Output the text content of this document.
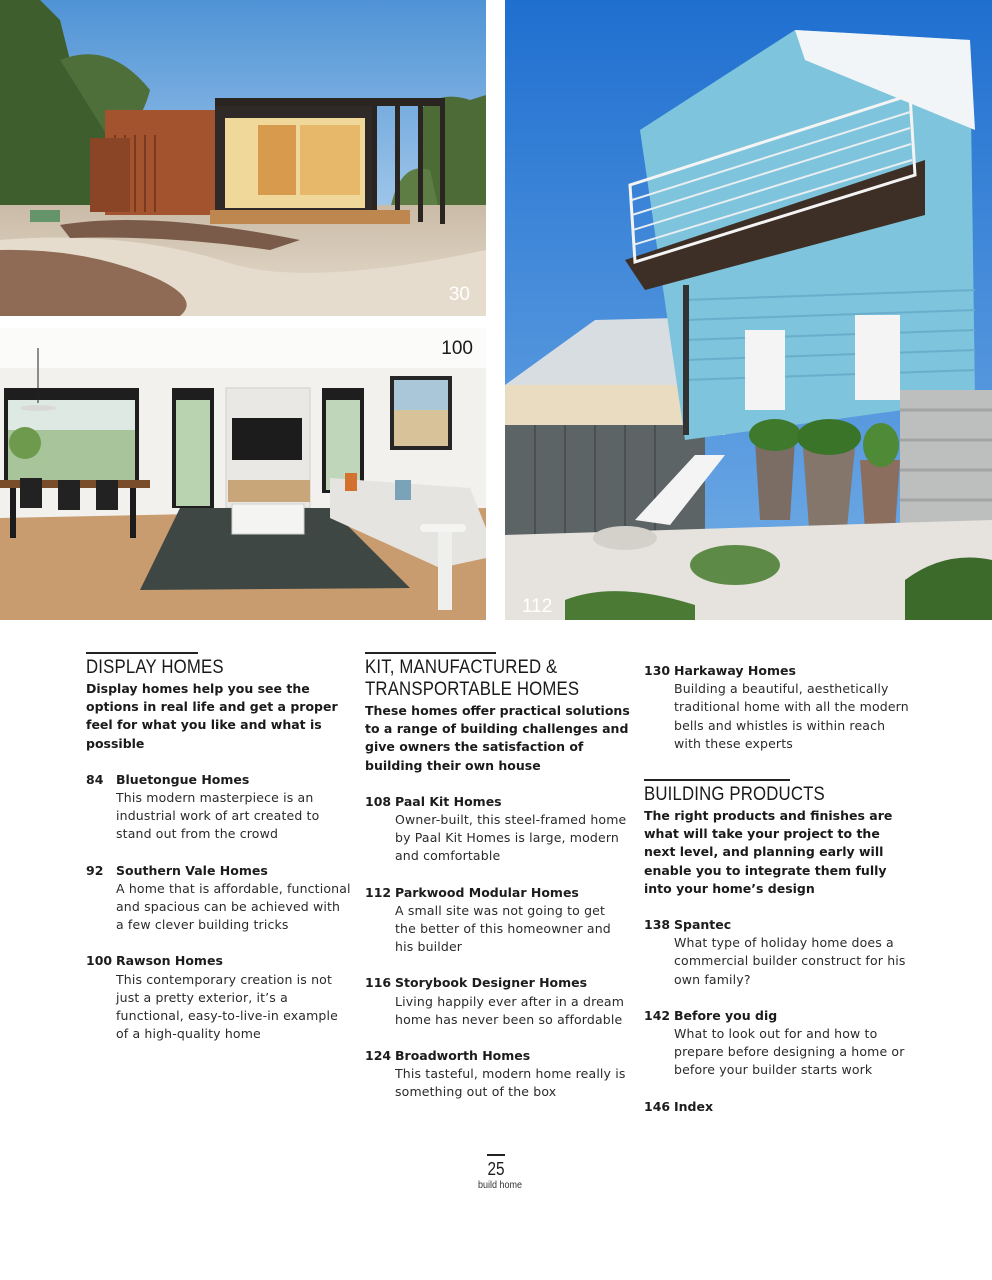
30
100
112
DISPLAY HOMES

Display homes help you see the options in real life and get a proper feel for what you like and what is possible

84	Bluetongue Homes
This modern masterpiece is an industrial work of art created to stand out from the crowd
92	Southern Vale Homes
A home that is affordable, functional and spacious can be achieved with a few clever building tricks
100 Rawson Homes
This contemporary creation is not just a pretty exterior, it’s a functional, easy-to-live-in example of a high-quality home
KIT, MANUFACTURED &
TRANSPORTABLE HOMES

These homes offer practical solutions to a range of building challenges and give owners the satisfaction of building their own house

108 Paal Kit Homes
Owner-built, this steel-framed home by Paal Kit Homes is large, modern and comfortable
112 Parkwood Modular Homes
A small site was not going to get the better of this homeowner and his builder
116 Storybook Designer Homes
Living happily ever after in a dream home has never been so affordable
124 Broadworth Homes
This tasteful, modern home really is something out of the box
130 Harkaway Homes
Building a beautiful, aesthetically traditional home with all the modern bells and whistles is within reach with these experts
BUILDING PRODUCTS

The right products and finishes are what will take your project to the next level, and planning early will enable you to integrate them fully into your home’s design

138 Spantec
What type of holiday home does a commercial builder construct for his own family?
142 Before you dig
What to look out for and how to prepare before designing a home or before your builder starts work
146 Index
25
build home
